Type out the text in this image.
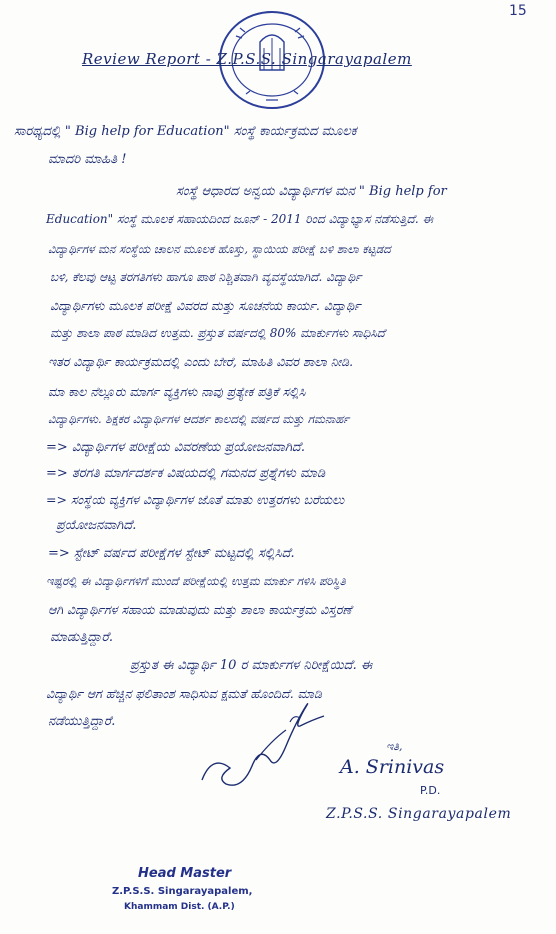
15
Review Report - Z.P.S.S. Singarayapalem
ಸಾರಥ್ಯದಲ್ಲಿ " Big help for Education" ಸಂಸ್ಥೆ ಕಾರ್ಯಕ್ರಮದ ಮೂಲಕ
ಮಾದರಿ ಮಾಹಿತಿ !
ಸಂಸ್ಥೆ ಆಧಾರದ ಅನ್ವಯ ವಿದ್ಯಾರ್ಥಿಗಳ ಮನ " Big help for
Education" ಸಂಸ್ಥೆ ಮೂಲಕ ಸಹಾಯದಿಂದ ಜೂನ್ - 2011 ರಿಂದ ವಿದ್ಯಾಭ್ಯಾಸ ನಡೆಸುತ್ತಿದೆ. ಈ
ವಿದ್ಯಾರ್ಥಿಗಳ ಮನ ಸಂಸ್ಥೆಯ ಚಾಲನ ಮೂಲಕ ಹೊಸ್ತು, ಸ್ಥಾಯಿಯ ಪರೀಕ್ಷೆ ಬಳಿ ಶಾಲಾ ಕಟ್ಟಡದ
ಬಳಿ, ಕೆಲವು ಆಟ್ಟ ತರಗತಿಗಳು ಹಾಗೂ ಪಾಠ ನಿಶ್ಚಿತವಾಗಿ ವ್ಯವಸ್ಥೆಯಾಗಿದೆ. ವಿದ್ಯಾರ್ಥಿ
ವಿದ್ಯಾರ್ಥಿಗಳು ಮೂಲಕ ಪರೀಕ್ಷೆ ವಿವರದ ಮತ್ತು ಸೂಚನೆಯ ಕಾರ್ಯ. ವಿದ್ಯಾರ್ಥಿ
ಮತ್ತು ಶಾಲಾ ಪಾಠ ಮಾಡಿದ ಉತ್ತಮ. ಪ್ರಸ್ತುತ ವರ್ಷದಲ್ಲಿ 80% ಮಾರ್ಕುಗಳು ಸಾಧಿಸಿದೆ
ಇತರ ವಿದ್ಯಾರ್ಥಿ ಕಾರ್ಯಕ್ರಮದಲ್ಲಿ ಎಂದು ಬೇರೆ, ಮಾಹಿತಿ ವಿವರ ಶಾಲಾ ನೀಡಿ.
ಮಾ ಕಾಲ ನೆಲ್ಲೂರು ಮಾರ್ಗ ವ್ಯಕ್ತಿಗಳು ನಾವು ಪ್ರತ್ಯೇಕ ಪತ್ರಿಕೆ ಸಲ್ಲಿಸಿ
ವಿದ್ಯಾರ್ಥಿಗಳು. ಶಿಕ್ಷಕರ ವಿದ್ಯಾರ್ಥಿಗಳ ಆದರ್ಶ ಕಾಲದಲ್ಲಿ ವರ್ಷದ ಮತ್ತು ಗಮನಾರ್ಹ
=> ವಿದ್ಯಾರ್ಥಿಗಳ ಪರೀಕ್ಷೆಯ ವಿವರಣೆಯ ಪ್ರಯೋಜನವಾಗಿದೆ.
=> ತರಗತಿ ಮಾರ್ಗದರ್ಶಕ ವಿಷಯದಲ್ಲಿ ಗಮನದ ಪ್ರಶ್ನೆಗಳು ಮಾಡಿ
=> ಸಂಸ್ಥೆಯ ವ್ಯಕ್ತಿಗಳ ವಿದ್ಯಾರ್ಥಿಗಳ ಜೊತೆ ಮಾತು ಉತ್ತರಗಳು ಬರೆಯಲು
ಪ್ರಯೋಜನವಾಗಿದೆ.
=> ಸ್ಟೇಟ್ ವರ್ಷದ ಪರೀಕ್ಷೆಗಳ ಸ್ಟೇಟ್ ಮಟ್ಟದಲ್ಲಿ ಸಲ್ಲಿಸಿದೆ.
ಇಷ್ಟರಲ್ಲಿ ಈ ವಿದ್ಯಾರ್ಥಿಗಳಿಗೆ ಮುಂದೆ ಪರೀಕ್ಷೆಯಲ್ಲಿ ಉತ್ತಮ ಮಾರ್ಕು ಗಳಿಸಿ ಪರಿಸ್ಥಿತಿ
ಆಗಿ ವಿದ್ಯಾರ್ಥಿಗಳ ಸಹಾಯ ಮಾಡುವುದು ಮತ್ತು ಶಾಲಾ ಕಾರ್ಯಕ್ರಮ ವಿಸ್ತರಣೆ
ಮಾಡುತ್ತಿದ್ದಾರೆ.
ಪ್ರಸ್ತುತ ಈ ವಿದ್ಯಾರ್ಥಿ 10 ರ ಮಾರ್ಕುಗಳ ನಿರೀಕ್ಷೆಯಿದೆ. ಈ
ವಿದ್ಯಾರ್ಥಿ ಆಗ ಹೆಚ್ಚಿನ ಫಲಿತಾಂಶ ಸಾಧಿಸುವ ಕ್ಷಮತೆ ಹೊಂದಿದೆ. ಮಾಡಿ
ನಡೆಯುತ್ತಿದ್ದಾರೆ.
ಇತಿ,
A. Srinivas
P.D.
Z.P.S.S. Singarayapalem
Head Master
Z.P.S.S. Singarayapalem,
Khammam Dist. (A.P.)
